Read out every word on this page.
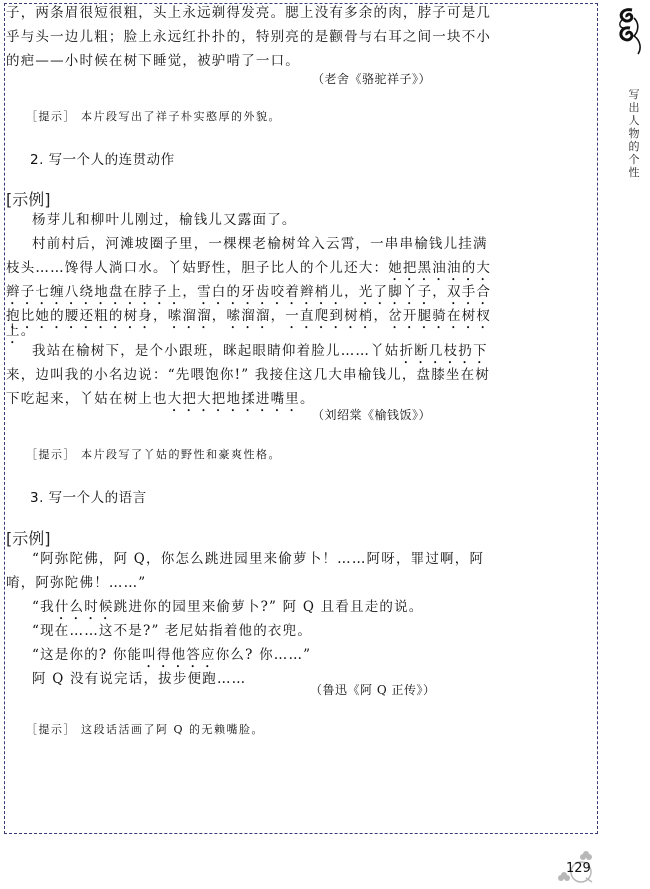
子，两条眉很短很粗，头上永远剃得发亮。腮上没有多余的肉，脖子可是几
乎与头一边儿粗；脸上永远红扑扑的，特别亮的是颧骨与右耳之间一块不小
的疤——小时候在树下睡觉，被驴啃了一口。
（老舍《骆驼祥子》）
［提示］ 本片段写出了祥子朴实憨厚的外貌。
2. 写一个人的连贯动作
[示例]
杨芽儿和柳叶儿刚过，榆钱儿又露面了。
村前村后，河滩坡圈子里，一棵棵老榆树耸入云霄，一串串榆钱儿挂满
枝头……馋得人淌口水。丫姑野性，胆子比人的个儿还大：她把黑油油的大
辫子七缠八绕地盘在脖子上，雪白的牙齿咬着辫梢儿，光了脚丫子，双手合
抱比她的腰还粗的树身，嗦溜溜，嗦溜溜，一直爬到树梢，岔开腿骑在树杈
上。
我站在榆树下，是个小跟班，眯起眼睛仰着脸儿……丫姑折断几枝扔下
来，边叫我的小名边说：“先喂饱你!” 我接住这几大串榆钱儿，盘膝坐在树
下吃起来，丫姑在树上也大把大把地揉进嘴里。
（刘绍棠《榆钱饭》）
［提示］ 本片段写了丫姑的野性和豪爽性格。
3. 写一个人的语言
[示例]
“阿弥陀佛，阿 Q，你怎么跳进园里来偷萝卜！……阿呀，罪过啊，阿
唷，阿弥陀佛！……”
“我什么时候跳进你的园里来偷萝卜?” 阿 Q 且看且走的说。
“现在……这不是?” 老尼姑指着他的衣兜。
“这是你的? 你能叫得他答应你么? 你……”
阿 Q 没有说完话，拔步便跑……
（鲁迅《阿 Q 正传》）
［提示］ 这段话活画了阿 Q 的无赖嘴脸。
写出人物的个性
129
